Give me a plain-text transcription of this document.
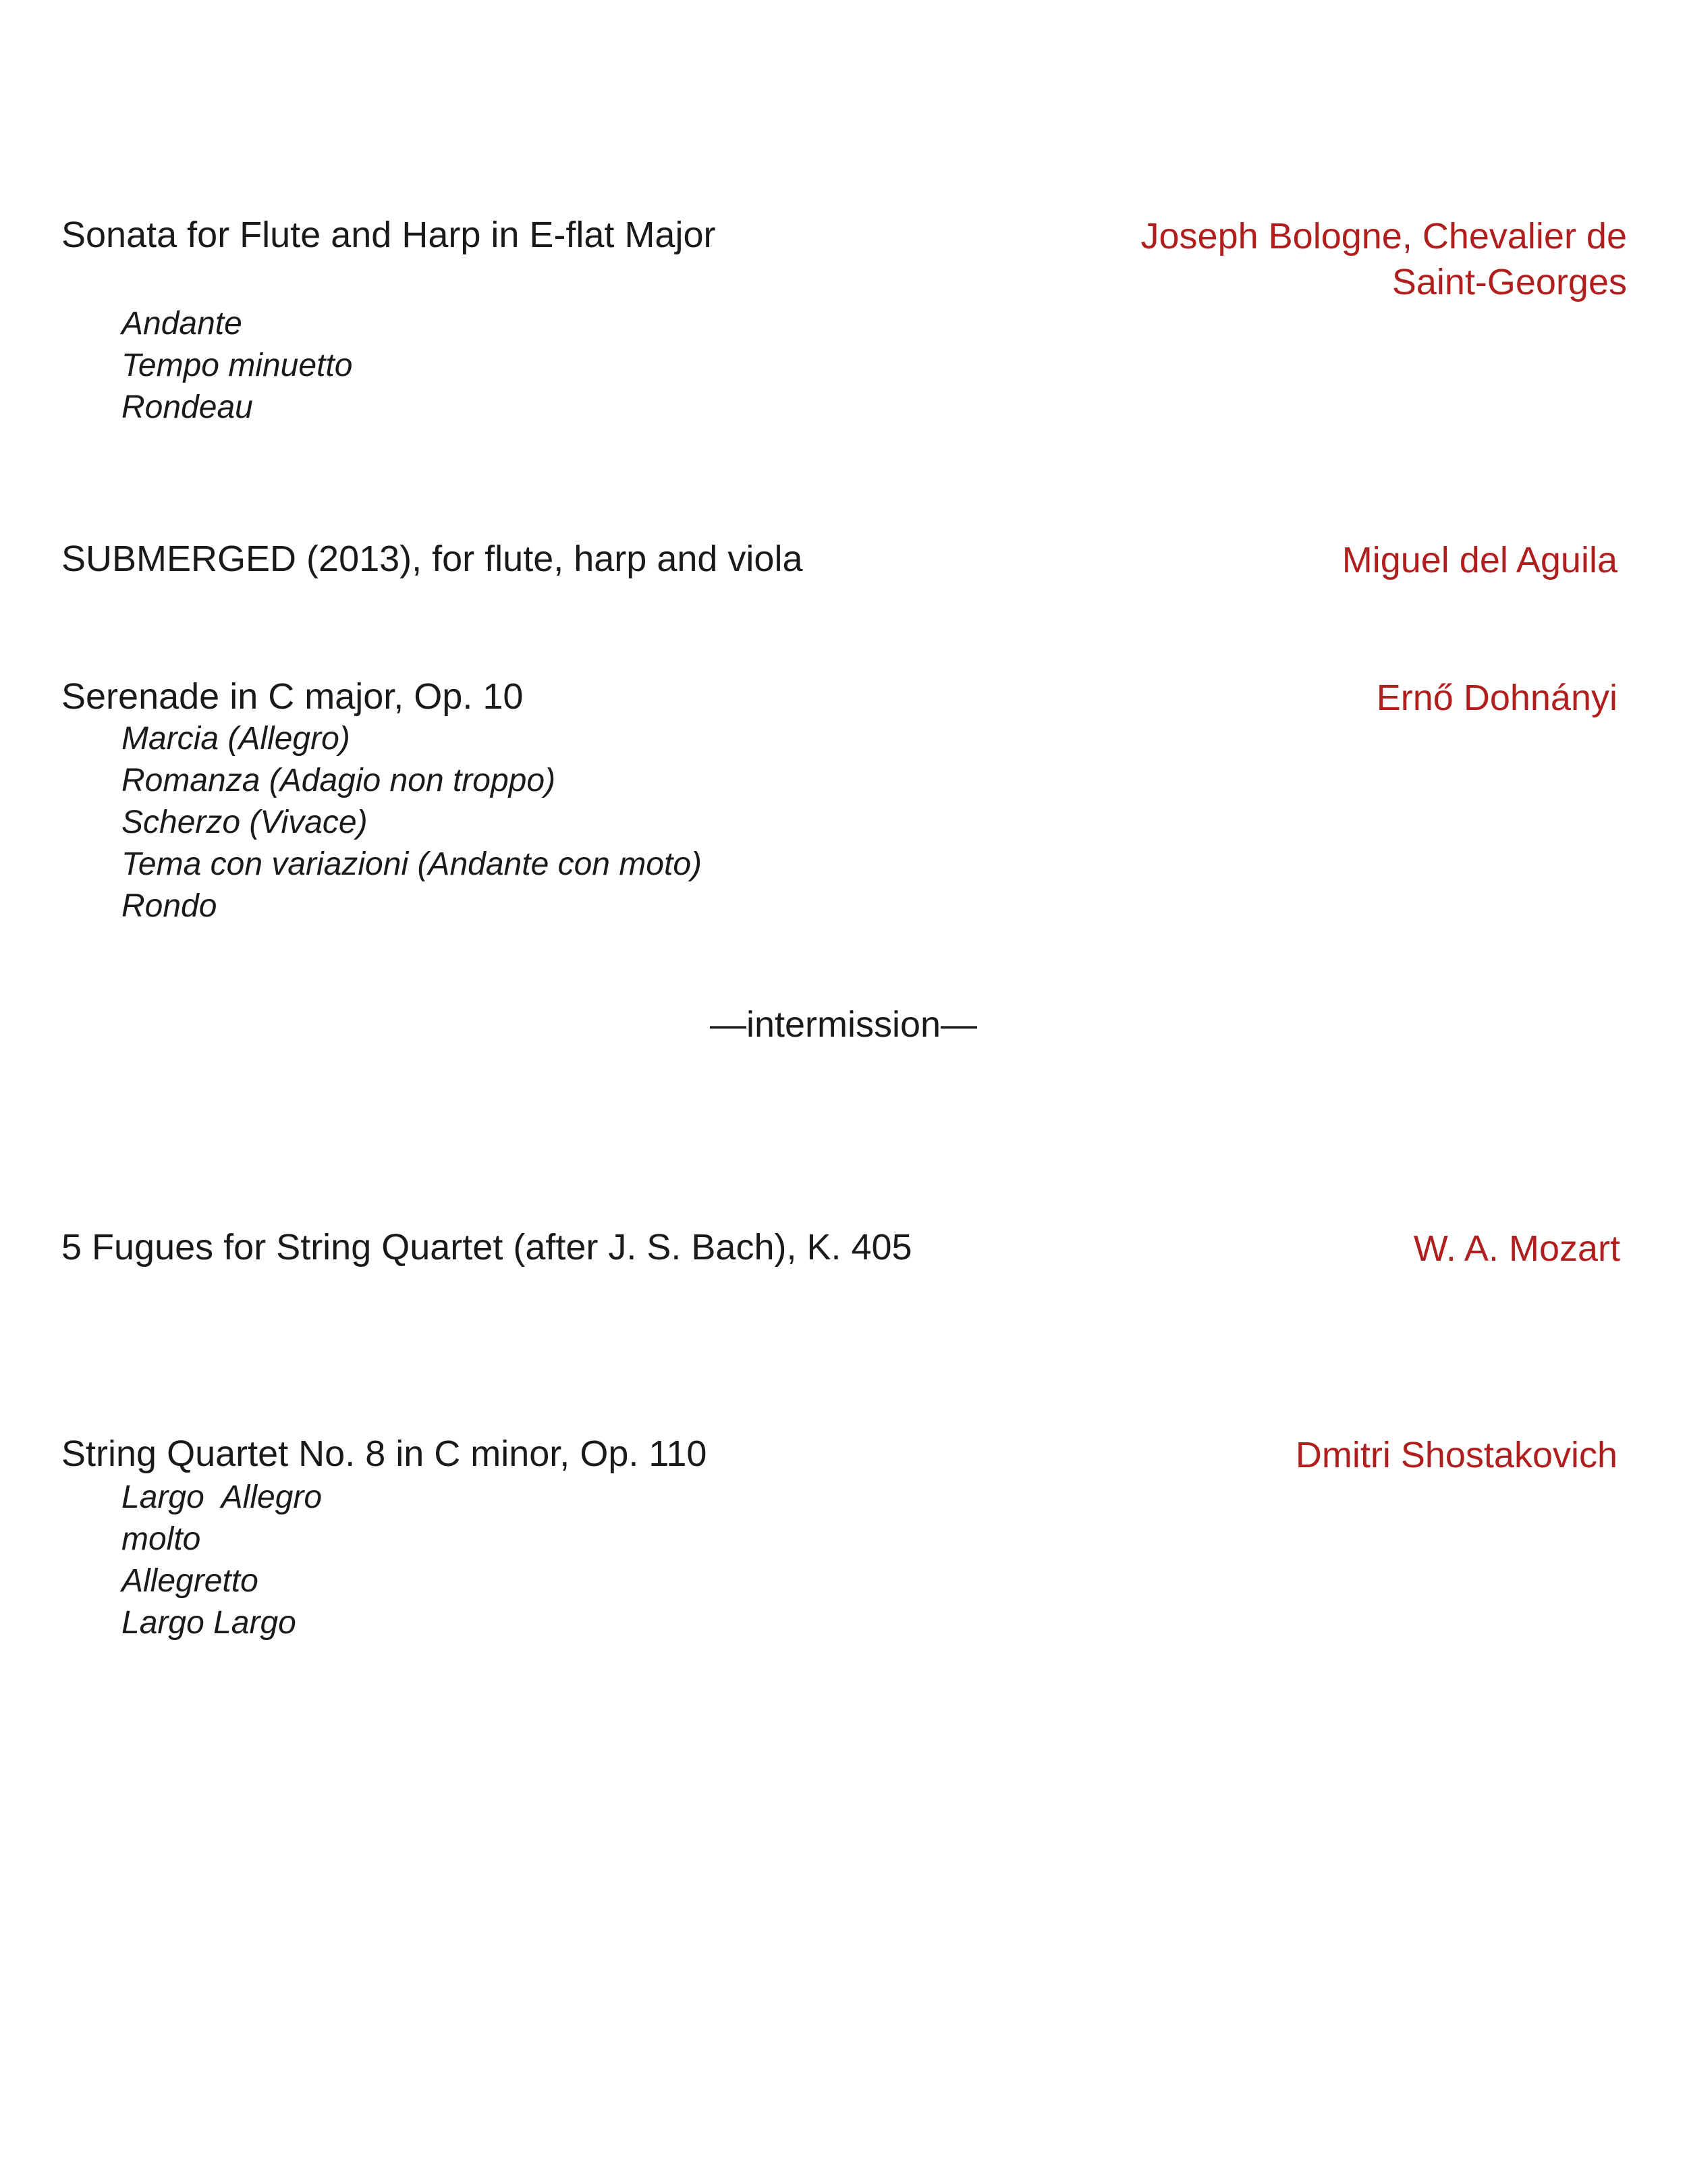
Sonata for Flute and Harp in E-flat Major	Joseph Bologne, Chevalier de
Saint-Georges
Andante
Tempo minuetto
Rondeau
SUBMERGED (2013), for flute, harp and viola	Miguel del Aguila
Serenade in C major, Op. 10	Ernő Dohnányi
Marcia (Allegro)
Romanza (Adagio non troppo)
Scherzo (Vivace)
Tema con variazioni (Andante con moto)
Rondo
—intermission—
5 Fugues for String Quartet (after J. S. Bach), K. 405	W. A. Mozart
String Quartet No. 8 in C minor, Op. 110	Dmitri Shostakovich
Largo  Allegro
molto
Allegretto
Largo Largo
